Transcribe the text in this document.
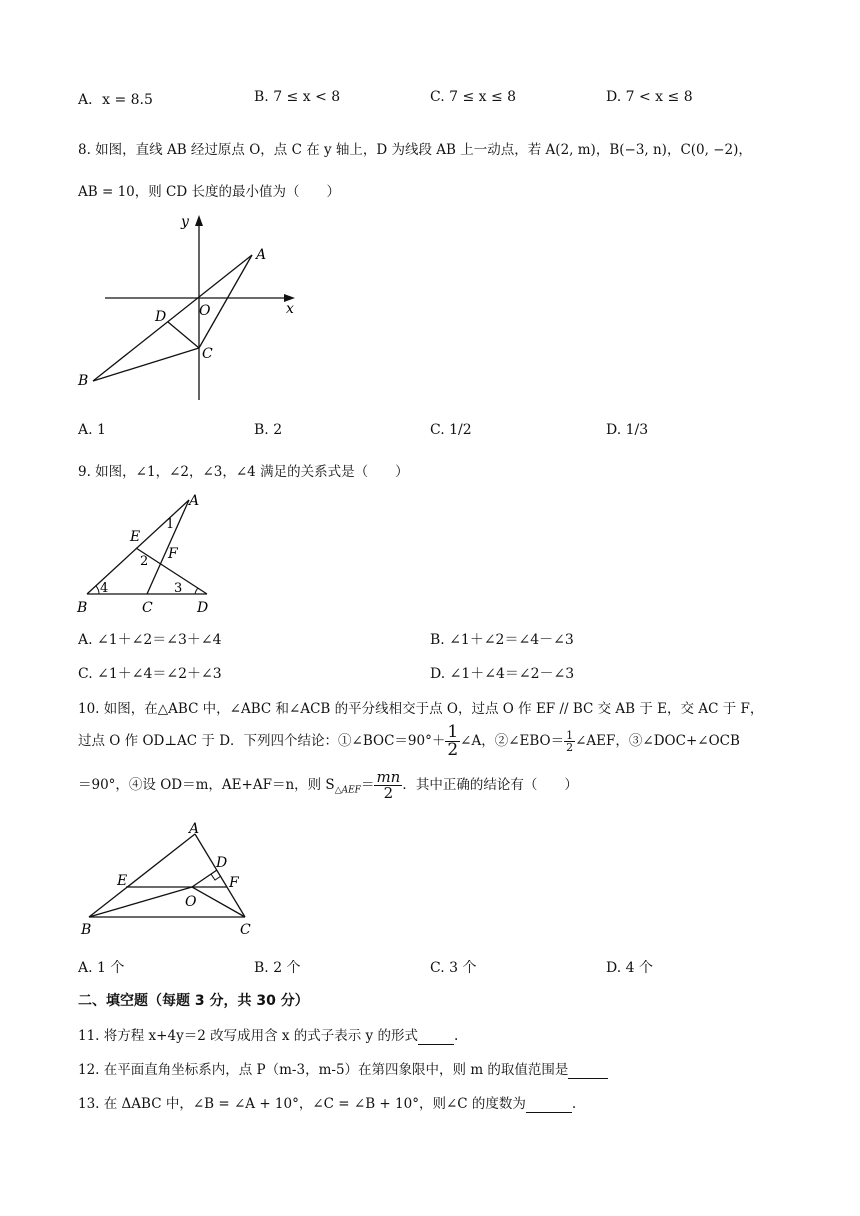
A．x = 8.5	B. 7 ≤ x < 8	C. 7 ≤ x ≤ 8	D. 7 < x ≤ 8
8. 如图，直线 AB 经过原点 O，点 C 在 y 轴上，D 为线段 AB 上一动点，若 A(2, m)，B(−3, n)，C(0, −2)，
AB = 10，则 CD 长度的最小值为（　　）
y
x
A
O
D
C
B
A. 1	B. 2	C. 1/2	D. 1/3
9. 如图，∠1，∠2，∠3，∠4 满足的关系式是（　　）
A
1
E
2 F
4	3
B	C	D
A. ∠1＋∠2＝∠3＋∠4	B. ∠1＋∠2＝∠4－∠3
C. ∠1＋∠4＝∠2＋∠3	D. ∠1＋∠4＝∠2－∠3
10. 如图，在△ABC 中，∠ABC 和∠ACB 的平分线相交于点 O，过点 O 作 EF // BC 交 AB 于 E，交 AC 于 F，
过点 O 作 OD⊥AC 于 D．下列四个结论：①∠BOC＝90°＋ $\frac{1}{2}$ ∠A，②∠EBO＝ $\frac{1}{2}$ ∠AEF，③∠DOC+∠OCB
＝90°，④设 OD＝m，AE+AF＝n，则 $S_{\triangle AEF}= \frac{mn}{2}$ ．其中正确的结论有（　　）
A
D
E	F
O
B	C
A. 1 个	B. 2 个	C. 3 个	D. 4 个
二、填空题（每题 3 分，共 30 分）
11. 将方程 x+4y＝2 改写成用含 x 的式子表示 y 的形式	.
12. 在平面直角坐标系内，点 P（m-3，m-5）在第四象限中，则 m 的取值范围是
13. 在 ΔABC 中，∠B = ∠A + 10°，∠C = ∠B + 10°，则∠C 的度数为	.
